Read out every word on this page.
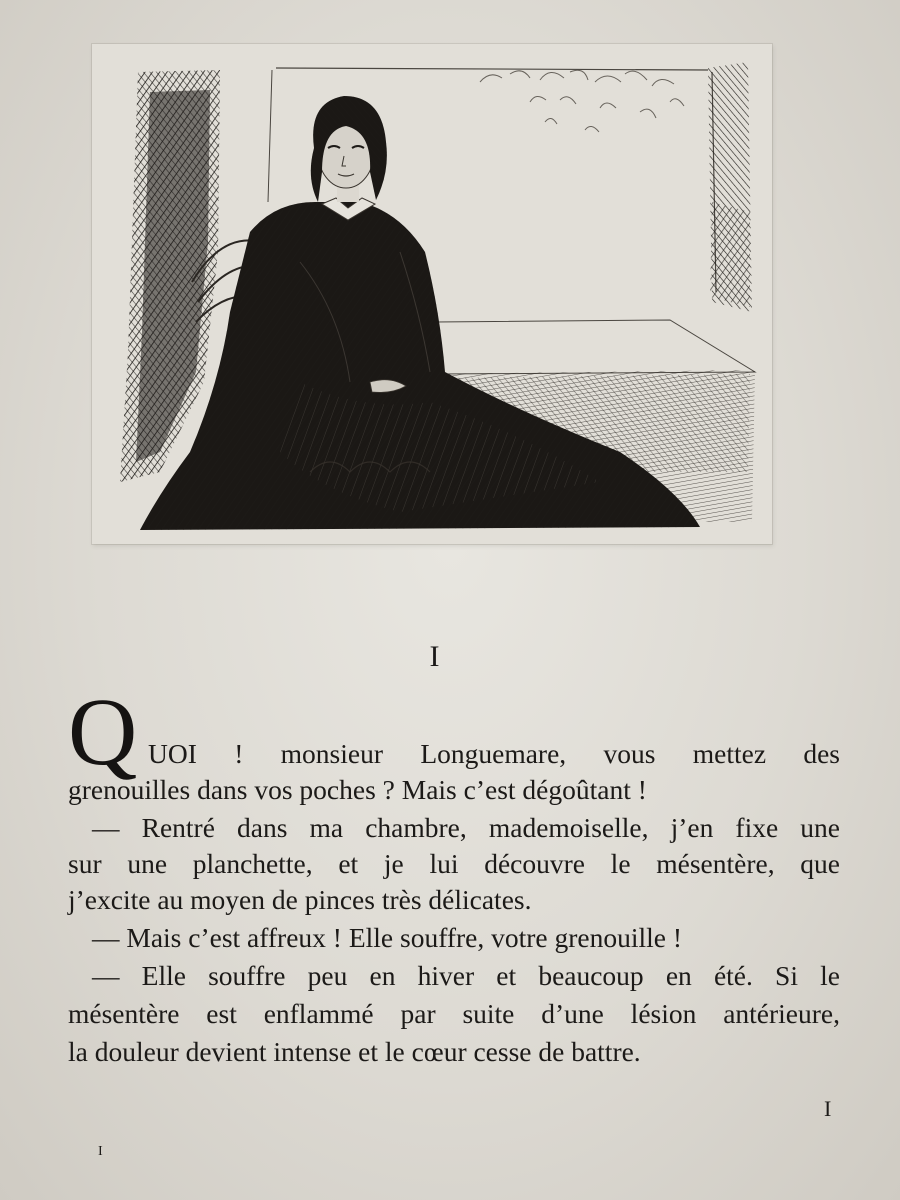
I
Q UOI ! monsieur Longuemare, vous mettez des
grenouilles dans vos poches ? Mais c’est dégoûtant !
— Rentré dans ma chambre, mademoiselle, j’en fixe une
sur une planchette, et je lui découvre le mésentère, que
j’excite au moyen de pinces très délicates.
— Mais c’est affreux ! Elle souffre, votre grenouille !
— Elle souffre peu en hiver et beaucoup en été. Si le
mésentère est enflammé par suite d’une lésion antérieure,
la douleur devient intense et le cœur cesse de battre.
I
I
